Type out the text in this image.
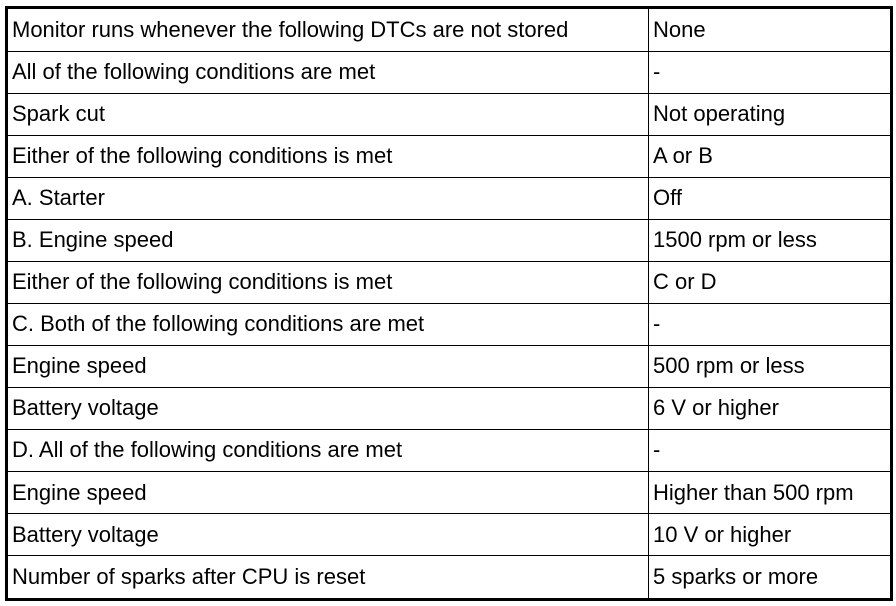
Monitor runs whenever the following DTCs are not stored	None
All of the following conditions are met	-
Spark cut	Not operating
Either of the following conditions is met	A or B
A. Starter	Off
B. Engine speed	1500 rpm or less
Either of the following conditions is met	C or D
C. Both of the following conditions are met	-
Engine speed	500 rpm or less
Battery voltage	6 V or higher
D. All of the following conditions are met	-
Engine speed	Higher than 500 rpm
Battery voltage	10 V or higher
Number of sparks after CPU is reset	5 sparks or more
